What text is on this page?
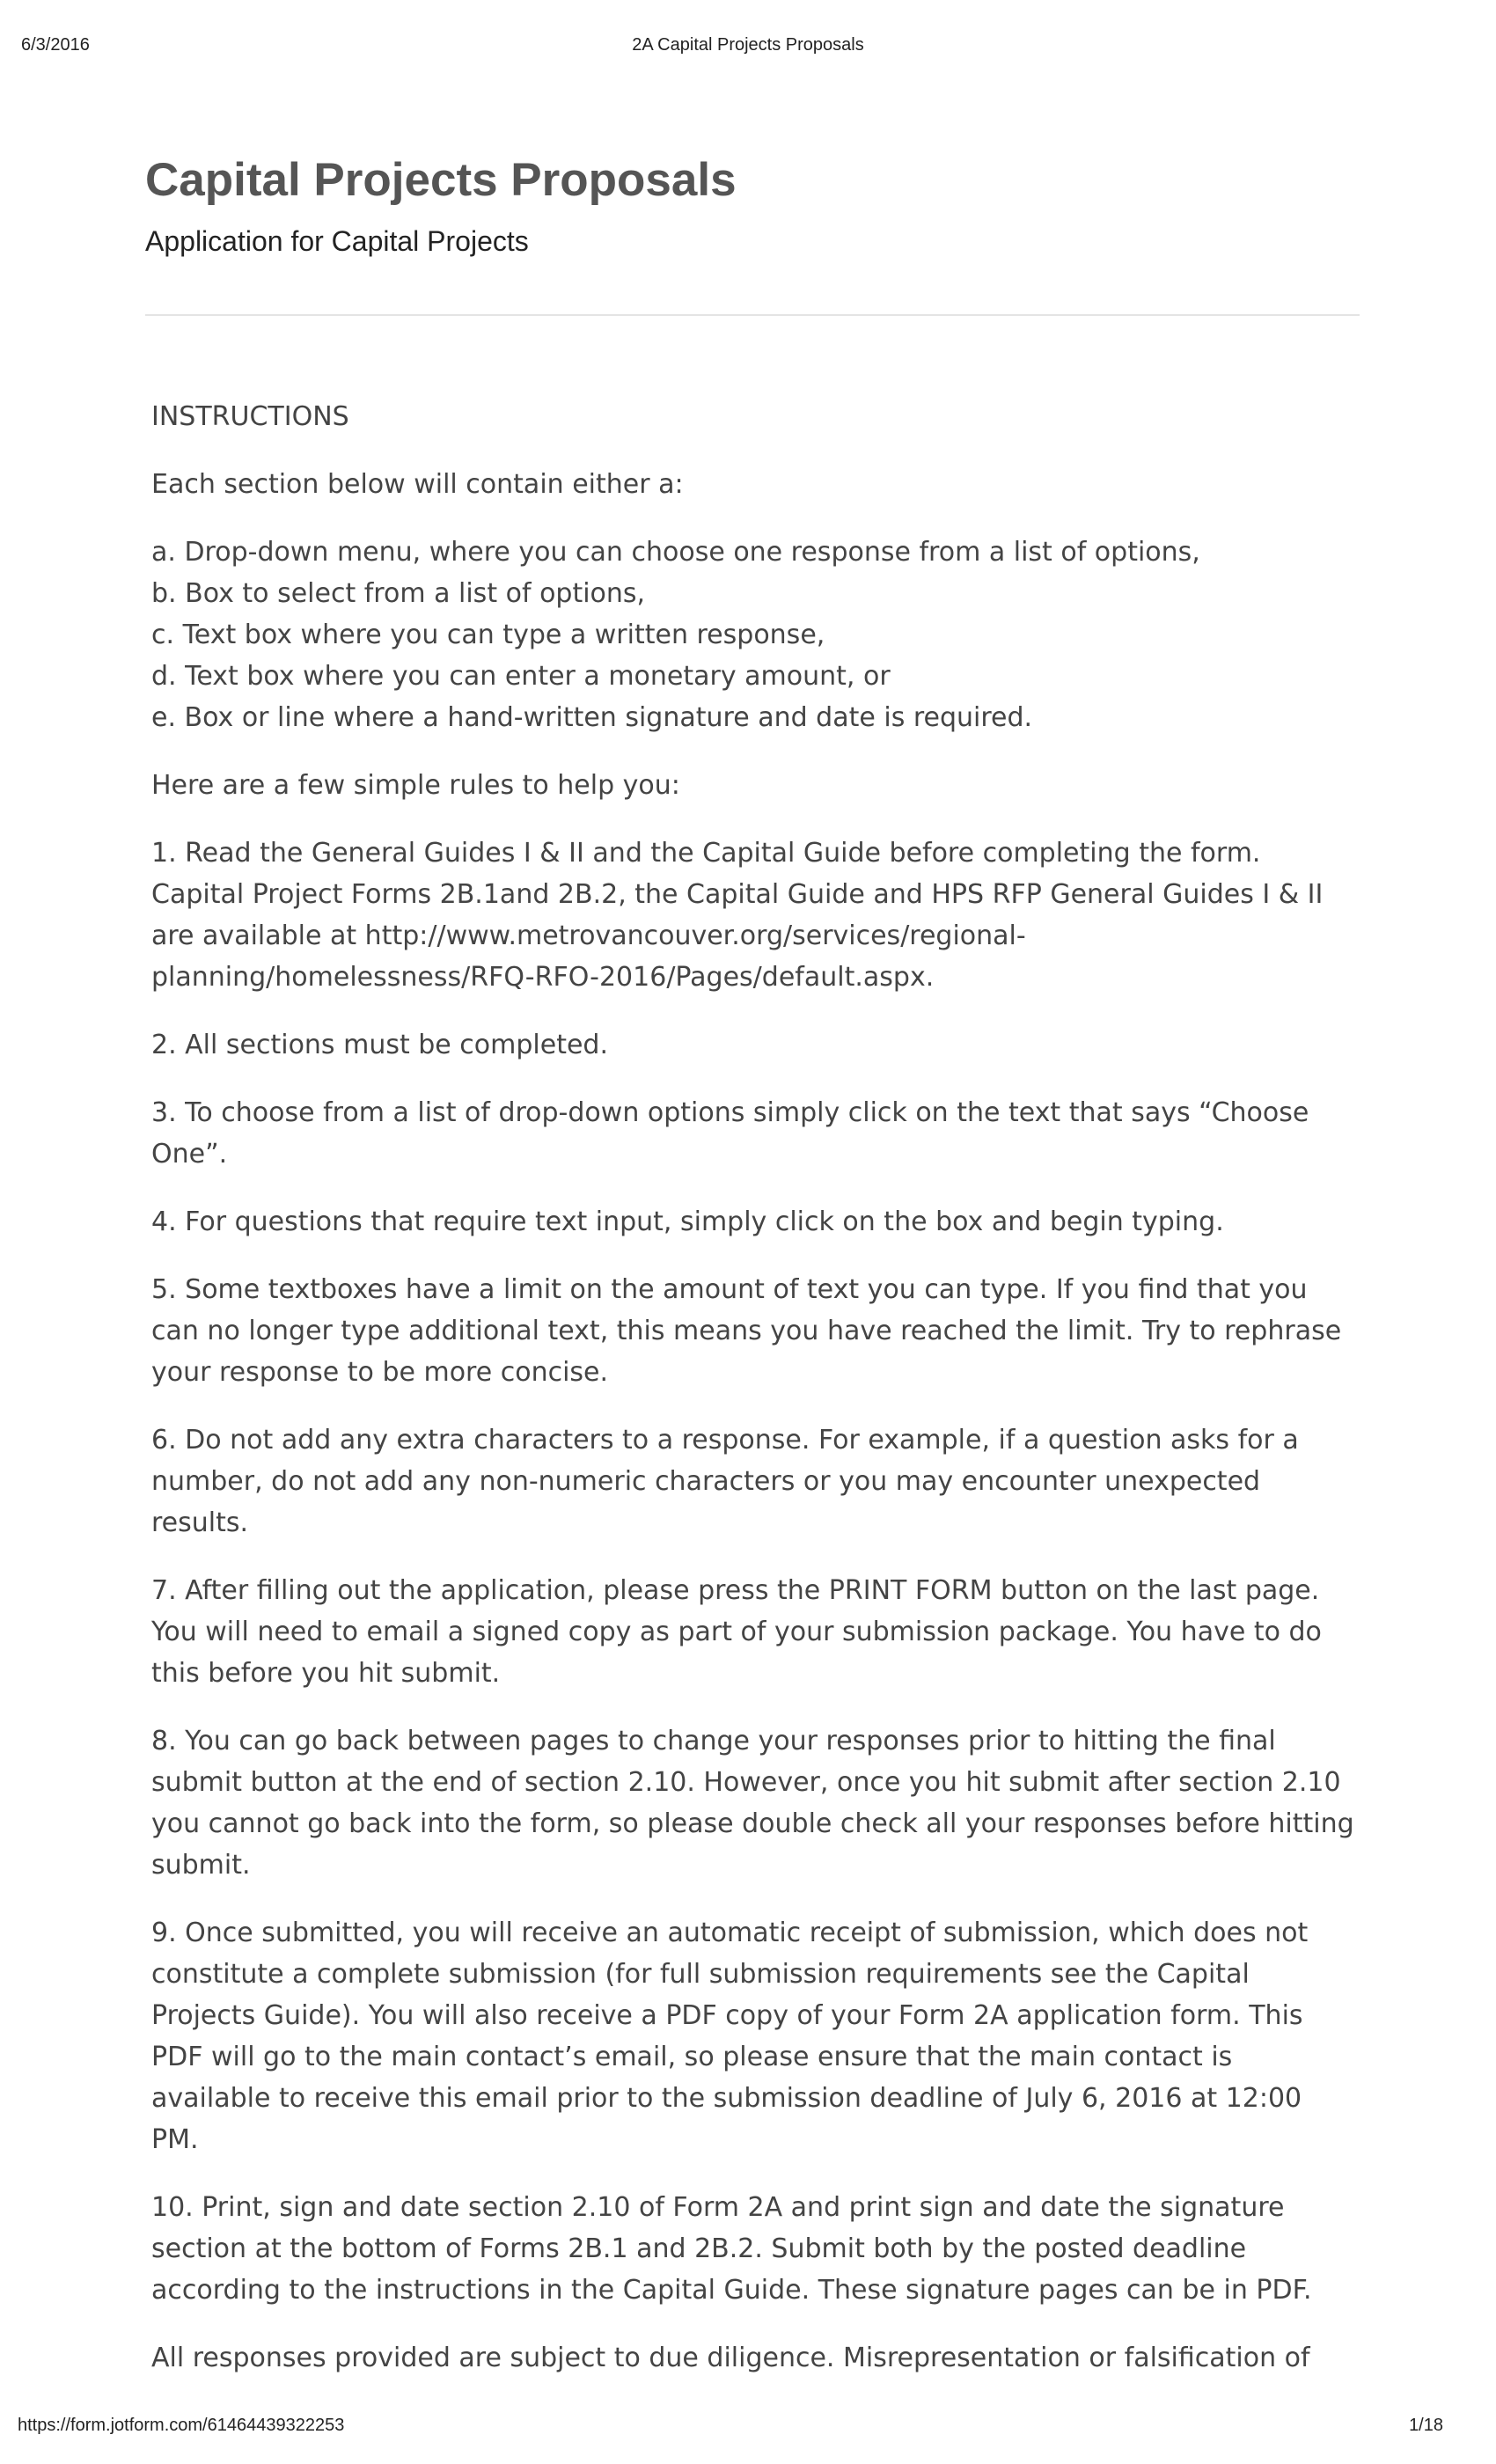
6/3/2016	2A Capital Projects Proposals
Capital Projects Proposals
Application for Capital Projects

INSTRUCTIONS

Each section below will contain either a:

a. Drop-down menu, where you can choose one response from a list of options,

b. Box to select from a list of options,

c. Text box where you can type a written response,

d. Text box where you can enter a monetary amount, or

e. Box or line where a hand-written signature and date is required.

Here are a few simple rules to help you:

1. Read the General Guides I & II and the Capital Guide before completing the form. Capital Project Forms 2B.1and 2B.2, the Capital Guide and HPS RFP General Guides I & II are available at http://www.metrovancouver.org/services/regional-planning/homelessness/RFQ-RFO-2016/Pages/default.aspx.

2. All sections must be completed.

3. To choose from a list of drop-down options simply click on the text that says “Choose One”.

4. For questions that require text input, simply click on the box and begin typing.

5. Some textboxes have a limit on the amount of text you can type. If you find that you can no longer type additional text, this means you have reached the limit. Try to rephrase your response to be more concise.

6. Do not add any extra characters to a response. For example, if a question asks for a number, do not add any non-numeric characters or you may encounter unexpected results.

7. After filling out the application, please press the PRINT FORM button on the last page. You will need to email a signed copy as part of your submission package. You have to do this before you hit submit.

8. You can go back between pages to change your responses prior to hitting the final submit button at the end of section 2.10. However, once you hit submit after section 2.10 you cannot go back into the form, so please double check all your responses before hitting submit.

9. Once submitted, you will receive an automatic receipt of submission, which does not constitute a complete submission (for full submission requirements see the Capital Projects Guide). You will also receive a PDF copy of your Form 2A application form. This PDF will go to the main contact’s email, so please ensure that the main contact is available to receive this email prior to the submission deadline of July 6, 2016 at 12:00 PM.

10. Print, sign and date section 2.10 of Form 2A and print sign and date the signature section at the bottom of Forms 2B.1 and 2B.2. Submit both by the posted deadline according to the instructions in the Capital Guide. These signature pages can be in PDF.

All responses provided are subject to due diligence. Misrepresentation or falsification of

https://form.jotform.com/61464439322253	1/18
